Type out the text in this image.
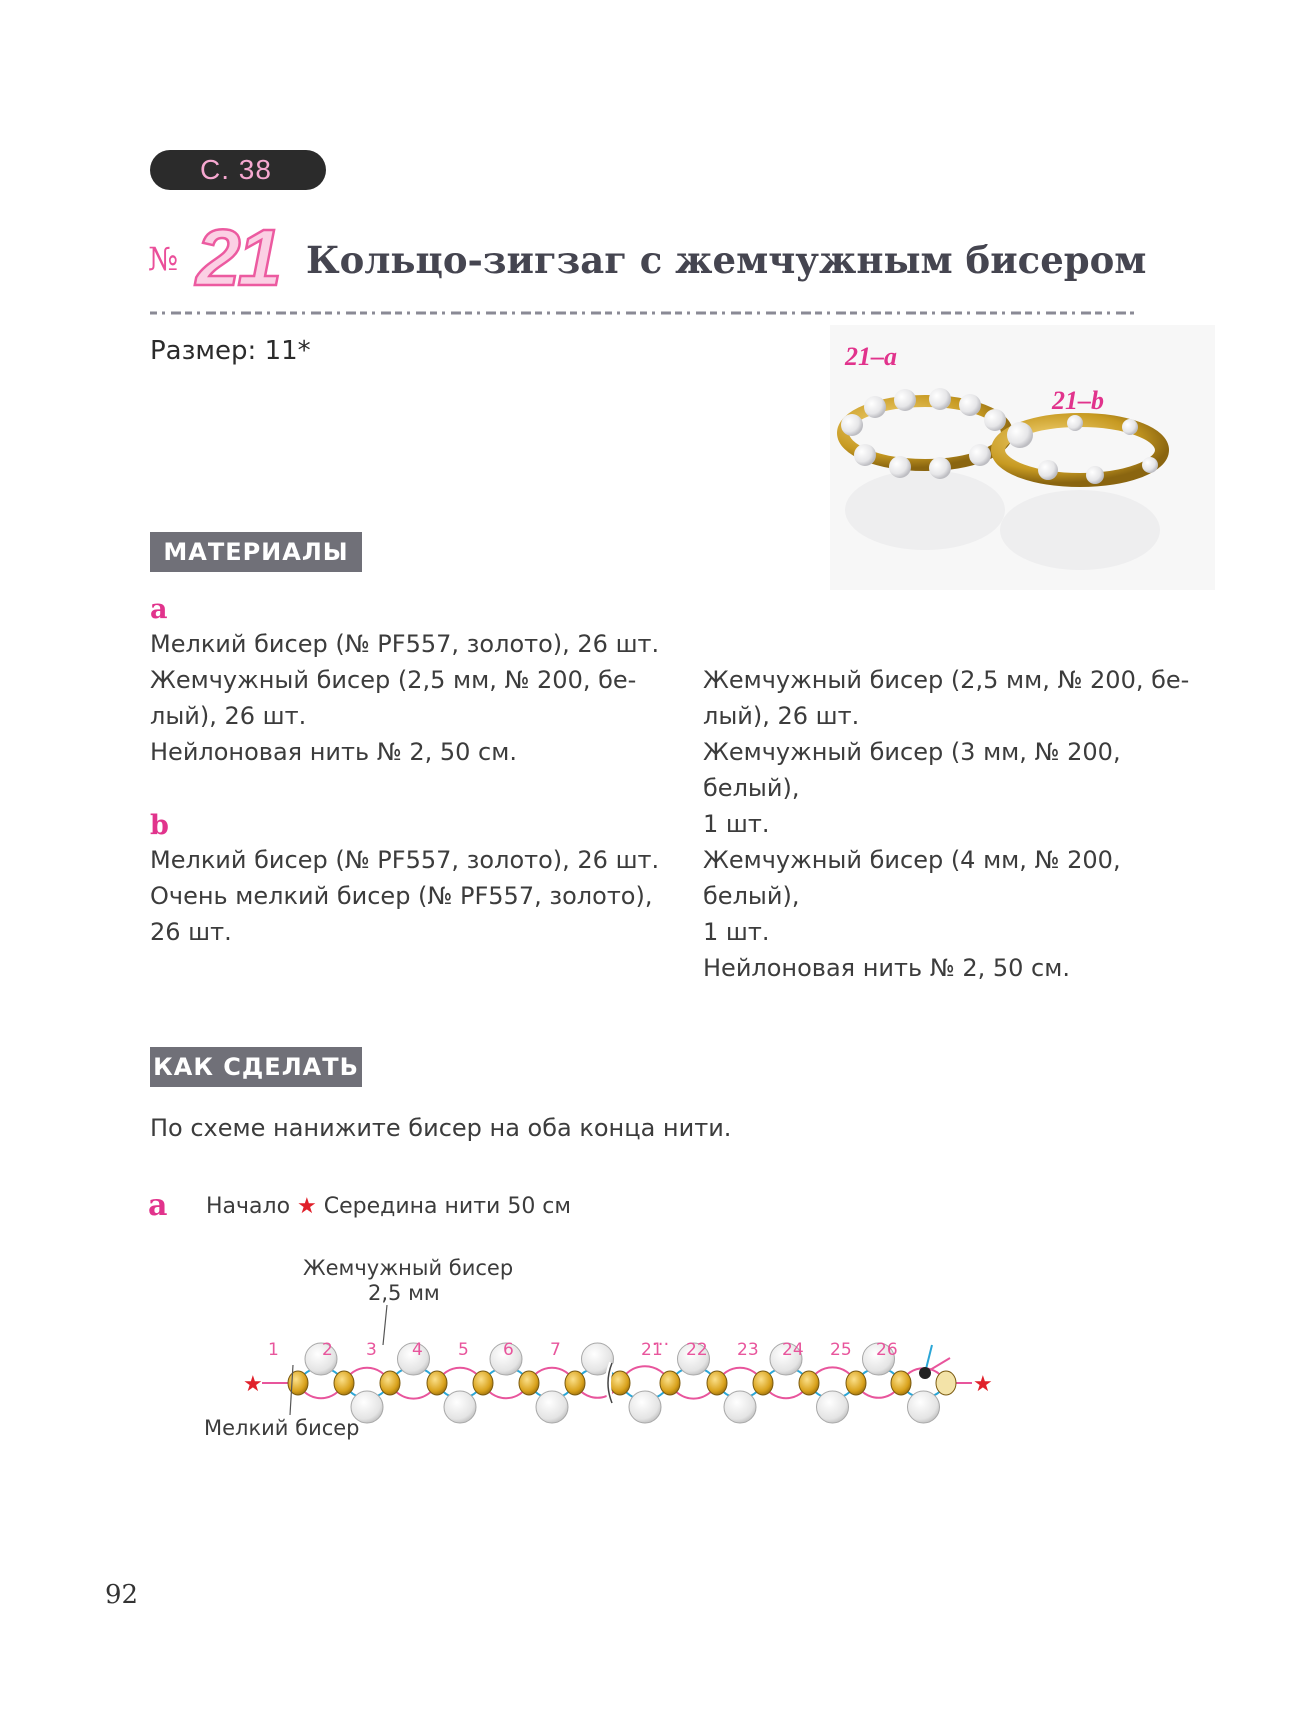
С. 38
№ 21 Кольцо-зигзаг с жемчужным бисером
Размер: 11*	21–a
21–b
МАТЕРИАЛЫ
a
Мелкий бисер (№ PF557, золото), 26 шт.
Жемчужный бисер (2,5 мм, № 200, бе-
лый), 26 шт.
Нейлоновая нить № 2, 50 см.
b
Мелкий бисер (№ PF557, золото), 26 шт.
Очень мелкий бисер (№ PF557, золото),
26 шт.
Жемчужный бисер (2,5 мм, № 200, бе-
лый), 26 шт.
Жемчужный бисер (3 мм, № 200, белый),
1 шт.
Жемчужный бисер (4 мм, № 200, белый),
1 шт.
Нейлоновая нить № 2, 50 см.
КАК СДЕЛАТЬ
По схеме нанижите бисер на оба конца нити.
a Начало ★ Середина нити 50 см
Жемчужный бисер
2,5 мм
★	★
1	2 3 4 5 6 7	21 22 23 24 25 26
Мелкий бисер
...
92
